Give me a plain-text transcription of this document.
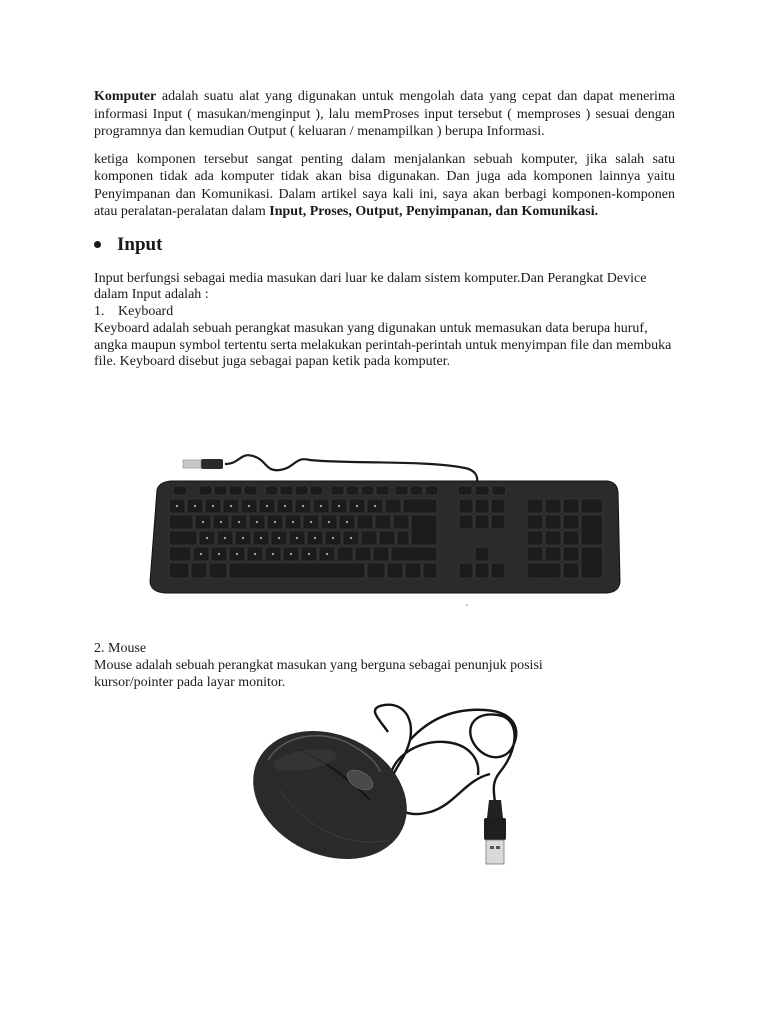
Komputer adalah suatu alat yang digunakan untuk mengolah data yang cepat dan dapat menerima informasi Input ( masukan/menginput ), lalu memProses input tersebut ( memproses ) sesuai dengan programnya dan kemudian Output ( keluaran / menampilkan ) berupa Informasi.

ketiga komponen tersebut sangat penting dalam menjalankan sebuah komputer, jika salah satu komponen tidak ada komputer tidak akan bisa digunakan. Dan juga ada komponen lainnya yaitu Penyimpanan dan Komunikasi. Dalam artikel saya kali ini, saya akan berbagi komponen-komponen atau peralatan-peralatan dalam Input, Proses, Output, Penyimpanan, dan Komunikasi.

Input

Input berfungsi sebagai media masukan dari luar ke dalam sistem komputer.Dan Perangkat Device dalam Input adalah :

1. Keyboard

Keyboard adalah sebuah perangkat masukan yang digunakan untuk memasukan data berupa huruf, angka maupun symbol tertentu serta melakukan perintah-perintah untuk menyimpan file dan membuka file. Keyboard disebut juga sebagai papan ketik pada komputer.

2. Mouse

Mouse adalah sebuah perangkat masukan yang berguna sebagai penunjuk posisi kursor/pointer pada layar monitor.
